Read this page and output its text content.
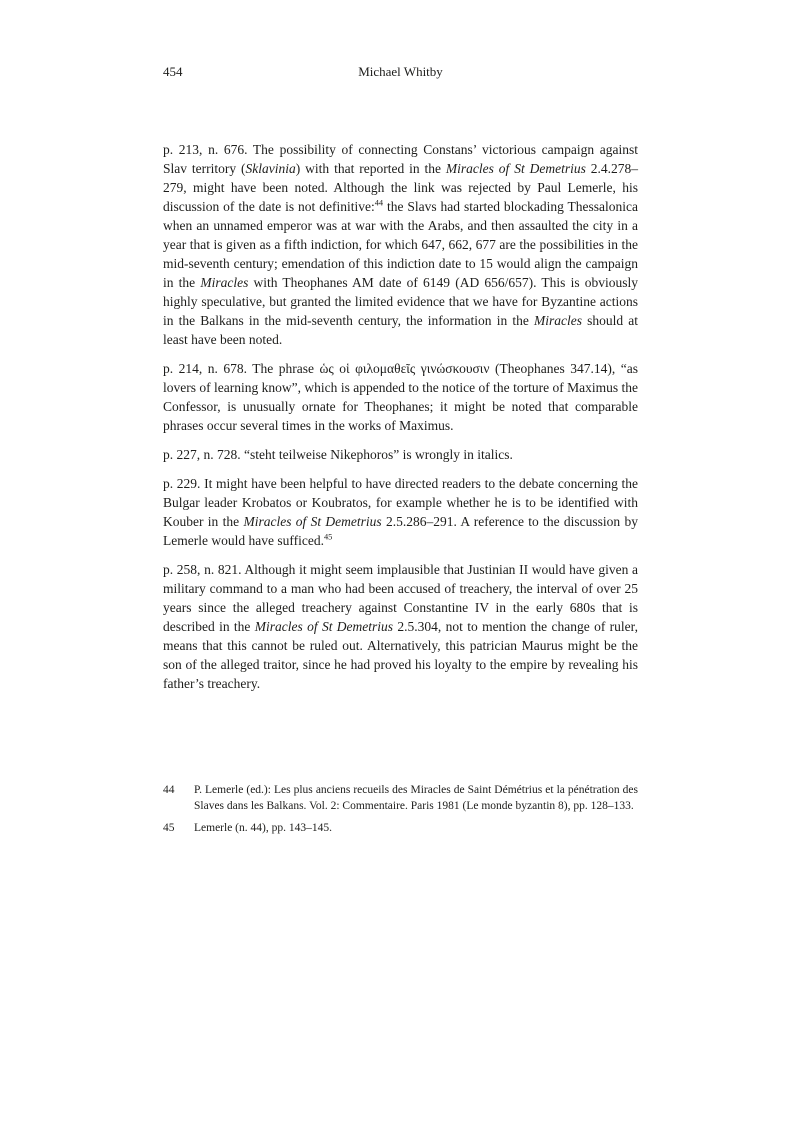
454	Michael Whitby

p. 213, n. 676. The possibility of connecting Constans’ victorious campaign against Slav territory (Sklavinia) with that reported in the Miracles of St Demetrius 2.4.278–279, might have been noted. Although the link was rejected by Paul Lemerle, his discussion of the date is not definitive:$^{44}$ the Slavs had started blockading Thessalonica when an unnamed emperor was at war with the Arabs, and then assaulted the city in a year that is given as a fifth indiction, for which 647, 662, 677 are the possibilities in the mid-seventh century; emendation of this indiction date to 15 would align the campaign in the Miracles with Theophanes AM date of 6149 (AD 656/657). This is obviously highly speculative, but granted the limited evidence that we have for Byzantine actions in the Balkans in the mid-seventh century, the information in the Miracles should at least have been noted.

p. 214, n. 678. The phrase ὡς οἱ φιλομαθεῖς γινώσκουσιν (Theophanes 347.14), “as lovers of learning know”, which is appended to the notice of the torture of Maximus the Confessor, is unusually ornate for Theophanes; it might be noted that comparable phrases occur several times in the works of Maximus.

p. 227, n. 728. “steht teilweise Nikephoros” is wrongly in italics.

p. 229. It might have been helpful to have directed readers to the debate concerning the Bulgar leader Krobatos or Koubratos, for example whether he is to be identified with Kouber in the Miracles of St Demetrius 2.5.286–291. A reference to the discussion by Lemerle would have sufficed.$^{45}$

p. 258, n. 821. Although it might seem implausible that Justinian II would have given a military command to a man who had been accused of treachery, the interval of over 25 years since the alleged treachery against Constantine IV in the early 680s that is described in the Miracles of St Demetrius 2.5.304, not to mention the change of ruler, means that this cannot be ruled out. Alternatively, this patrician Maurus might be the son of the alleged traitor, since he had proved his loyalty to the empire by revealing his father’s treachery.

44	P. Lemerle (ed.): Les plus anciens recueils des Miracles de Saint Démétrius et la pénétration des Slaves dans les Balkans. Vol. 2: Commentaire. Paris 1981 (Le monde byzantin 8), pp. 128–133.
45	Lemerle (n. 44), pp. 143–145.
